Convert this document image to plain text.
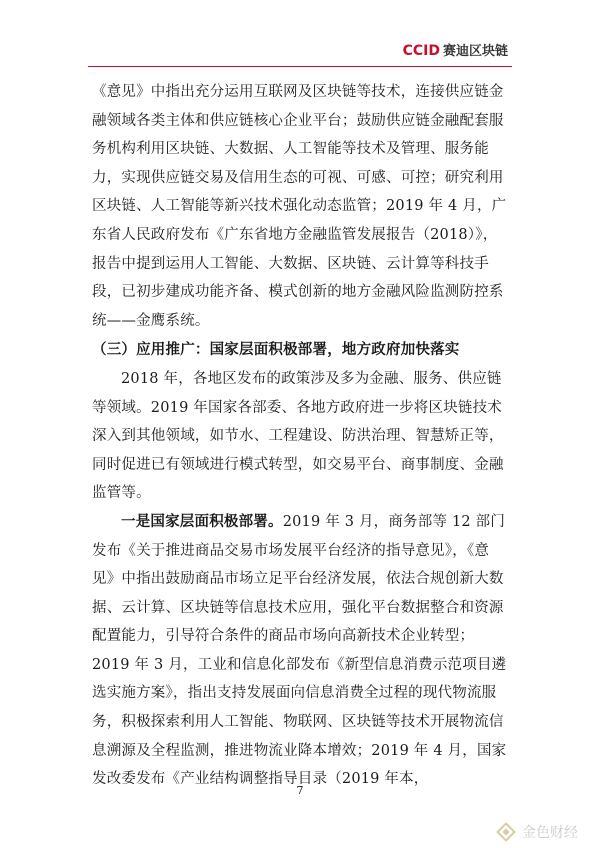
CCID 赛迪区块链

《意见》中指出充分运用互联网及区块链等技术，连接供应链金融领域各类主体和供应链核心企业平台；鼓励供应链金融配套服务机构利用区块链、大数据、人工智能等技术及管理、服务能力，实现供应链交易及信用生态的可视、可感、可控；研究利用区块链、人工智能等新兴技术强化动态监管；2019 年 4 月，广东省人民政府发布《广东省地方金融监管发展报告（2018）》，报告中提到运用人工智能、大数据、区块链、云计算等科技手段，已初步建成功能齐备、模式创新的地方金融风险监测防控系统——金鹰系统。

（三）应用推广：国家层面积极部署，地方政府加快落实

2018 年，各地区发布的政策涉及多为金融、服务、供应链等领域。2019 年国家各部委、各地方政府进一步将区块链技术深入到其他领域，如节水、工程建设、防洪治理、智慧矫正等，同时促进已有领域进行模式转型，如交易平台、商事制度、金融监管等。

一是国家层面积极部署。2019 年 3 月，商务部等 12 部门发布《关于推进商品交易市场发展平台经济的指导意见》，《意见》中指出鼓励商品市场立足平台经济发展，依法合规创新大数据、云计算、区块链等信息技术应用，强化平台数据整合和资源配置能力，引导符合条件的商品市场向高新技术企业转型；2019 年 3 月，工业和信息化部发布《新型信息消费示范项目遴选实施方案》，指出支持发展面向信息消费全过程的现代物流服务，积极探索利用人工智能、物联网、区块链等技术开展物流信息溯源及全程监测，推进物流业降本增效；2019 年 4 月，国家发改委发布《产业结构调整指导目录（2019 年本，

7
金色财经
